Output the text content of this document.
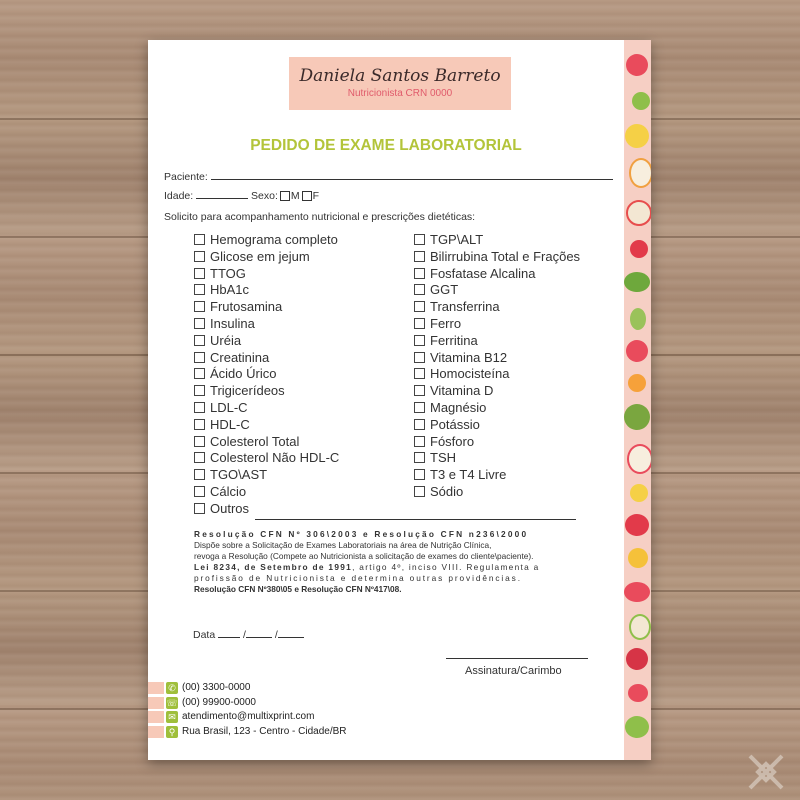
Daniela Santos Barreto
Nutricionista CRN 0000
PEDIDO DE EXAME LABORATORIAL
Paciente:
Idade:	Sexo: M F
Solicito para acompanhamento nutricional e prescrições dietéticas:
Hemograma completo
Glicose em jejum
TTOG
HbA1c
Frutosamina
Insulina
Uréia
Creatinina
Ácido Úrico
Trigicerídeos
LDL-C
HDL-C
Colesterol Total
Colesterol Não HDL-C
TGO\AST
Cálcio
Outros
TGP\ALT
Bilirrubina Total e Frações
Fosfatase Alcalina
GGT
Transferrina
Ferro
Ferritina
Vitamina B12
Homocisteína
Vitamina D
Magnésio
Potássio
Fósforo
TSH
T3 e T4 Livre
Sódio
Resolução CFN Nº 306\2003 e Resolução CFN n236\2000
Dispõe sobre a Solicitação de Exames Laboratoriais na área de Nutrição Clínica,
revoga a Resolução (Compete ao Nutricionista a solicitação de exames do cliente\paciente).
Lei 8234, de Setembro de 1991, artigo 4º, inciso VIII. Regulamenta a
profissão de Nutricionista e determina outras providências.
Resolução CFN Nº380\05 e Resolução CFN Nº417\08.
Data  / /
Assinatura/Carimbo
✆ (00) 3300-0000
☏ (00) 99900-0000
✉ atendimento@multixprint.com
⚲ Rua Brasil, 123 - Centro - Cidade/BR
